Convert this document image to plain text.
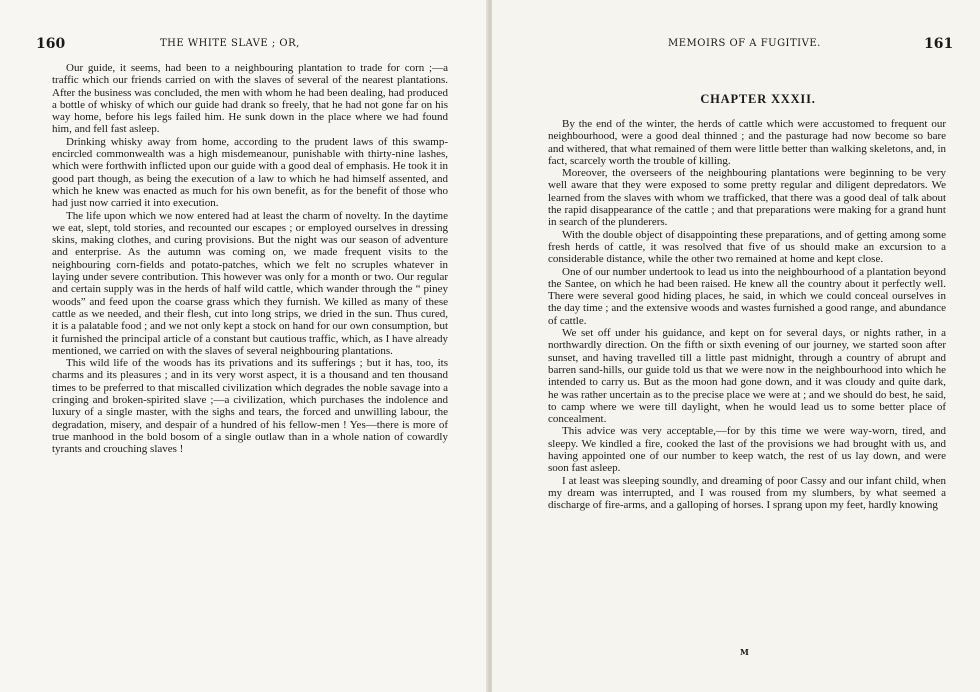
160	THE WHITE SLAVE ; OR,

Our guide, it seems, had been to a neighbouring plantation to trade for corn ;—a traffic which our friends carried on with the slaves of several of the nearest plantations. After the business was concluded, the men with whom he had been dealing, had produced a bottle of whisky of which our guide had drank so freely, that he had not gone far on his way home, before his legs failed him. He sunk down in the place where we had found him, and fell fast asleep.

Drinking whisky away from home, according to the prudent laws of this swamp-encircled commonwealth was a high misdemeanour, punishable with thirty-nine lashes, which were forthwith inflicted upon our guide with a good deal of emphasis. He took it in good part though, as being the execution of a law to which he had himself assented, and which he knew was enacted as much for his own benefit, as for the benefit of those who had just now carried it into execution.

The life upon which we now entered had at least the charm of novelty. In the daytime we eat, slept, told stories, and recounted our escapes ; or employed ourselves in dressing skins, making clothes, and curing provisions. But the night was our season of adventure and enterprise. As the autumn was coming on, we made frequent visits to the neighbouring corn-fields and potato-patches, which we felt no scruples whatever in laying under severe contribution. This however was only for a month or two. Our regular and certain supply was in the herds of half wild cattle, which wander through the “ piney woods” and feed upon the coarse grass which they furnish. We killed as many of these cattle as we needed, and their flesh, cut into long strips, we dried in the sun. Thus cured, it is a palatable food ; and we not only kept a stock on hand for our own consumption, but it furnished the principal article of a constant but cautious traffic, which, as I have already mentioned, we carried on with the slaves of several neighbouring plantations.

This wild life of the woods has its privations and its sufferings ; but it has, too, its charms and its pleasures ; and in its very worst aspect, it is a thousand and ten thousand times to be preferred to that miscalled civilization which degrades the noble savage into a cringing and broken-spirited slave ;—a civilization, which purchases the indolence and luxury of a single master, with the sighs and tears, the forced and unwilling labour, the degradation, misery, and despair of a hundred of his fellow-men ! Yes—there is more of true manhood in the bold bosom of a single outlaw than in a whole nation of cowardly tyrants and crouching slaves !

MEMOIRS OF A FUGITIVE.	161
CHAPTER XXXII.

By the end of the winter, the herds of cattle which were accustomed to frequent our neighbourhood, were a good deal thinned ; and the pasturage had now become so bare and withered, that what remained of them were little better than walking skeletons, and, in fact, scarcely worth the trouble of killing.

Moreover, the overseers of the neighbouring plantations were beginning to be very well aware that they were exposed to some pretty regular and diligent depredators. We learned from the slaves with whom we trafficked, that there was a good deal of talk about the rapid disappearance of the cattle ; and that preparations were making for a grand hunt in search of the plunderers.

With the double object of disappointing these preparations, and of getting among some fresh herds of cattle, it was resolved that five of us should make an excursion to a considerable distance, while the other two remained at home and kept close.

One of our number undertook to lead us into the neighbourhood of a plantation beyond the Santee, on which he had been raised. He knew all the country about it perfectly well. There were several good hiding places, he said, in which we could conceal ourselves in the day time ; and the extensive woods and wastes furnished a good range, and abundance of cattle.

We set off under his guidance, and kept on for several days, or nights rather, in a northwardly direction. On the fifth or sixth evening of our journey, we started soon after sunset, and having travelled till a little past midnight, through a country of abrupt and barren sand-hills, our guide told us that we were now in the neighbourhood into which he intended to carry us. But as the moon had gone down, and it was cloudy and quite dark, he was rather uncertain as to the precise place we were at ; and we should do best, he said, to camp where we were till daylight, when he would lead us to some better place of concealment.

This advice was very acceptable,—for by this time we were way-worn, tired, and sleepy. We kindled a fire, cooked the last of the provisions we had brought with us, and having appointed one of our number to keep watch, the rest of us lay down, and were soon fast asleep.

I at least was sleeping soundly, and dreaming of poor Cassy and our infant child, when my dream was interrupted, and I was roused from my slumbers, by what seemed a discharge of fire-arms, and a galloping of horses. I sprang upon my feet, hardly knowing

M
